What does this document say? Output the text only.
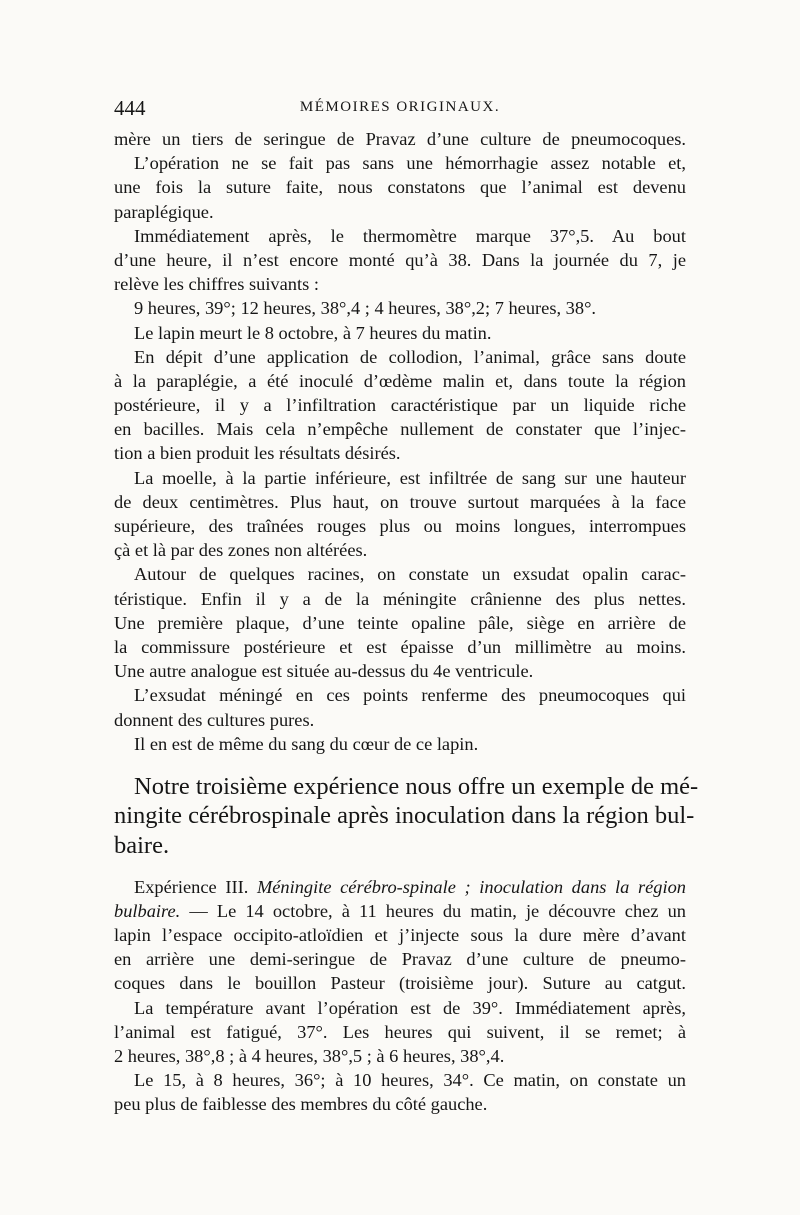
444	MÉMOIRES ORIGINAUX.
mère un tiers de seringue de Pravaz d’une culture de pneumocoques.
L’opération ne se fait pas sans une hémorrhagie assez notable et,
une fois la suture faite, nous constatons que l’animal est devenu
paraplégique.
Immédiatement après, le thermomètre marque 37°,5. Au bout
d’une heure, il n’est encore monté qu’à 38. Dans la journée du 7, je
relève les chiffres suivants :
9 heures, 39°; 12 heures, 38°,4 ; 4 heures, 38°,2; 7 heures, 38°.
Le lapin meurt le 8 octobre, à 7 heures du matin.
En dépit d’une application de collodion, l’animal, grâce sans doute
à la paraplégie, a été inoculé d’œdème malin et, dans toute la région
postérieure, il y a l’infiltration caractéristique par un liquide riche
en bacilles. Mais cela n’empêche nullement de constater que l’injec-
tion a bien produit les résultats désirés.
La moelle, à la partie inférieure, est infiltrée de sang sur une hauteur
de deux centimètres. Plus haut, on trouve surtout marquées à la face
supérieure, des traînées rouges plus ou moins longues, interrompues
çà et là par des zones non altérées.
Autour de quelques racines, on constate un exsudat opalin carac-
téristique. Enfin il y a de la méningite crânienne des plus nettes.
Une première plaque, d’une teinte opaline pâle, siège en arrière de
la commissure postérieure et est épaisse d’un millimètre au moins.
Une autre analogue est située au-dessus du 4e ventricule.
L’exsudat méningé en ces points renferme des pneumocoques qui
donnent des cultures pures.
Il en est de même du sang du cœur de ce lapin.
Notre troisième expérience nous offre un exemple de mé-
ningite cérébrospinale après inoculation dans la région bul-
baire.
Expérience III. Méningite cérébro-spinale ; inoculation dans la région
bulbaire. — Le 14 octobre, à 11 heures du matin, je découvre chez un
lapin l’espace occipito-atloïdien et j’injecte sous la dure mère d’avant
en arrière une demi-seringue de Pravaz d’une culture de pneumo-
coques dans le bouillon Pasteur (troisième jour). Suture au catgut.
La température avant l’opération est de 39°. Immédiatement après,
l’animal est fatigué, 37°. Les heures qui suivent, il se remet; à
2 heures, 38°,8 ; à 4 heures, 38°,5 ; à 6 heures, 38°,4.
Le 15, à 8 heures, 36°; à 10 heures, 34°. Ce matin, on constate un
peu plus de faiblesse des membres du côté gauche.
